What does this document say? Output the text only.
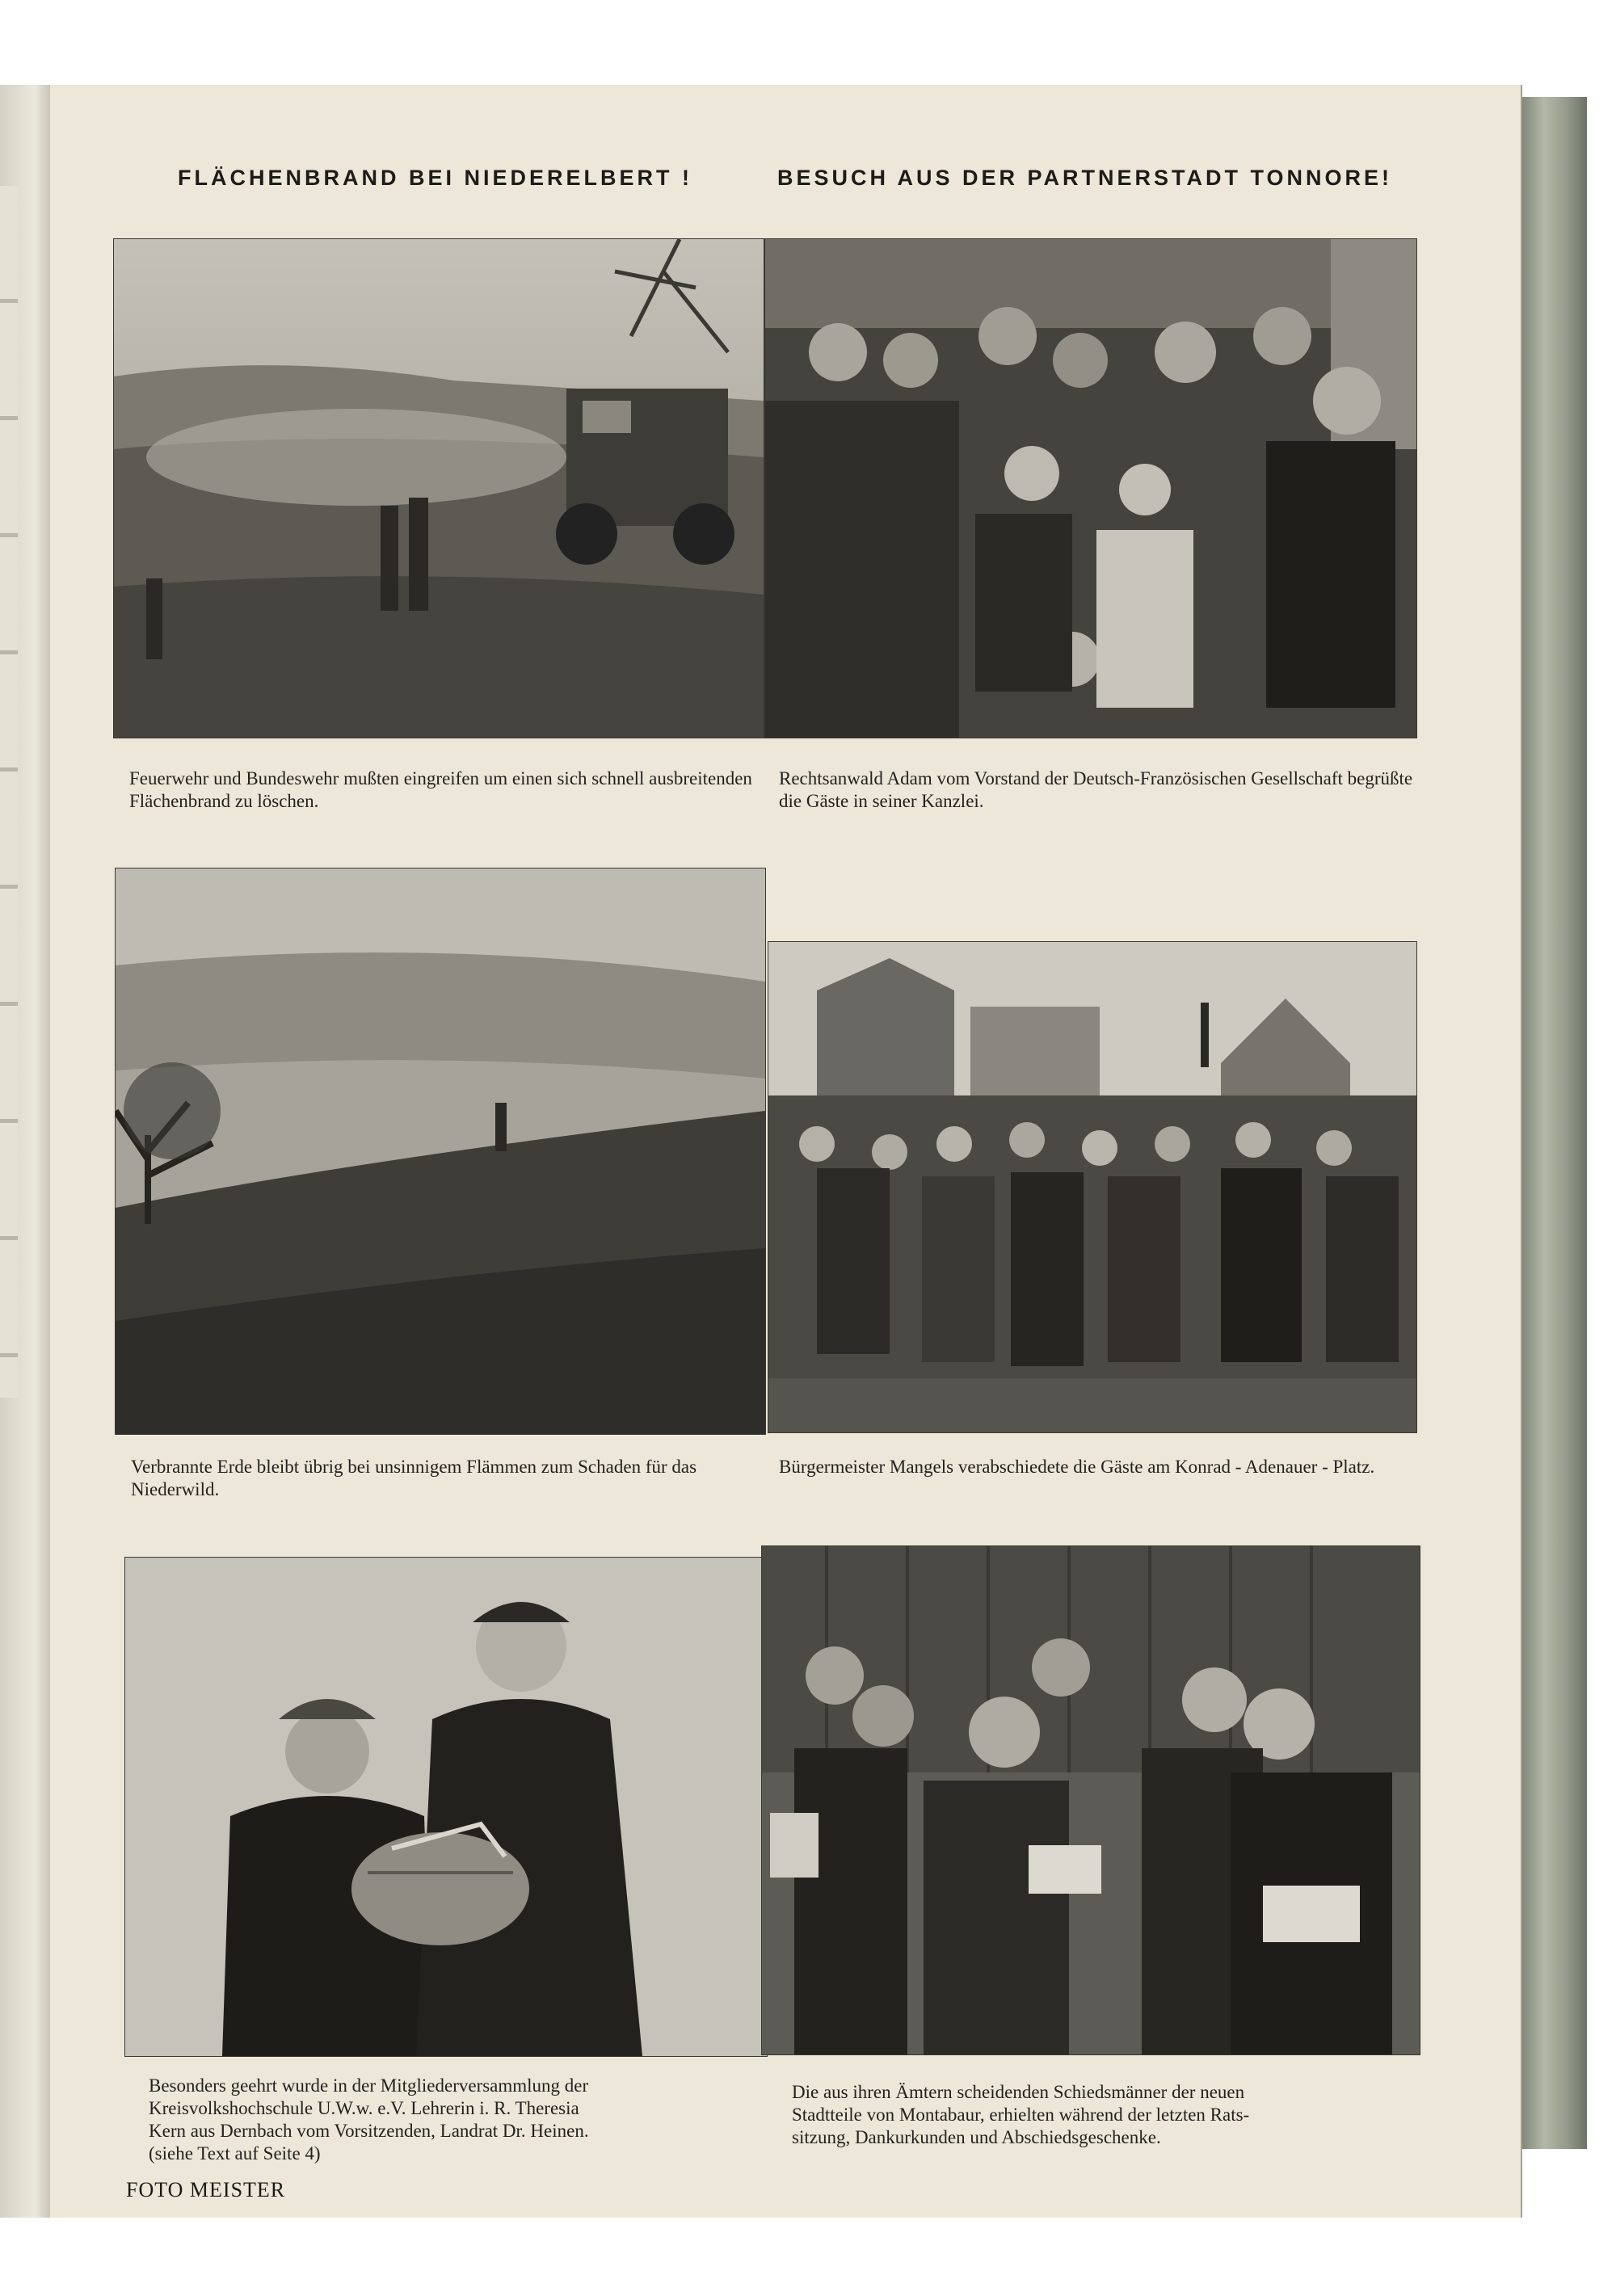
FLÄCHENBRAND BEI NIEDERELBERT !	BESUCH AUS DER PARTNERSTADT TONNORE!

Feuerwehr und Bundeswehr mußten eingreifen um einen sich schnell ausbreitenden Flächenbrand zu löschen.

Rechtsanwald Adam vom Vorstand der Deutsch-Französischen Gesellschaft begrüßte die Gäste in seiner Kanzlei.

Verbrannte Erde bleibt übrig bei unsinnigem Flämmen zum Schaden für das Niederwild.

Bürgermeister Mangels verabschiedete die Gäste am Konrad - Adenauer - Platz.

Besonders geehrt wurde in der Mitgliederversammlung der
Kreisvolkshochschule U.W.w. e.V. Lehrerin i. R. Theresia
Kern aus Dernbach vom Vorsitzenden, Landrat Dr. Heinen.
(siehe Text auf Seite 4)

Die aus ihren Ämtern scheidenden Schiedsmänner der neuen
Stadtteile von Montabaur, erhielten während der letzten Rats-
sitzung, Dankurkunden und Abschiedsgeschenke.

FOTO MEISTER
